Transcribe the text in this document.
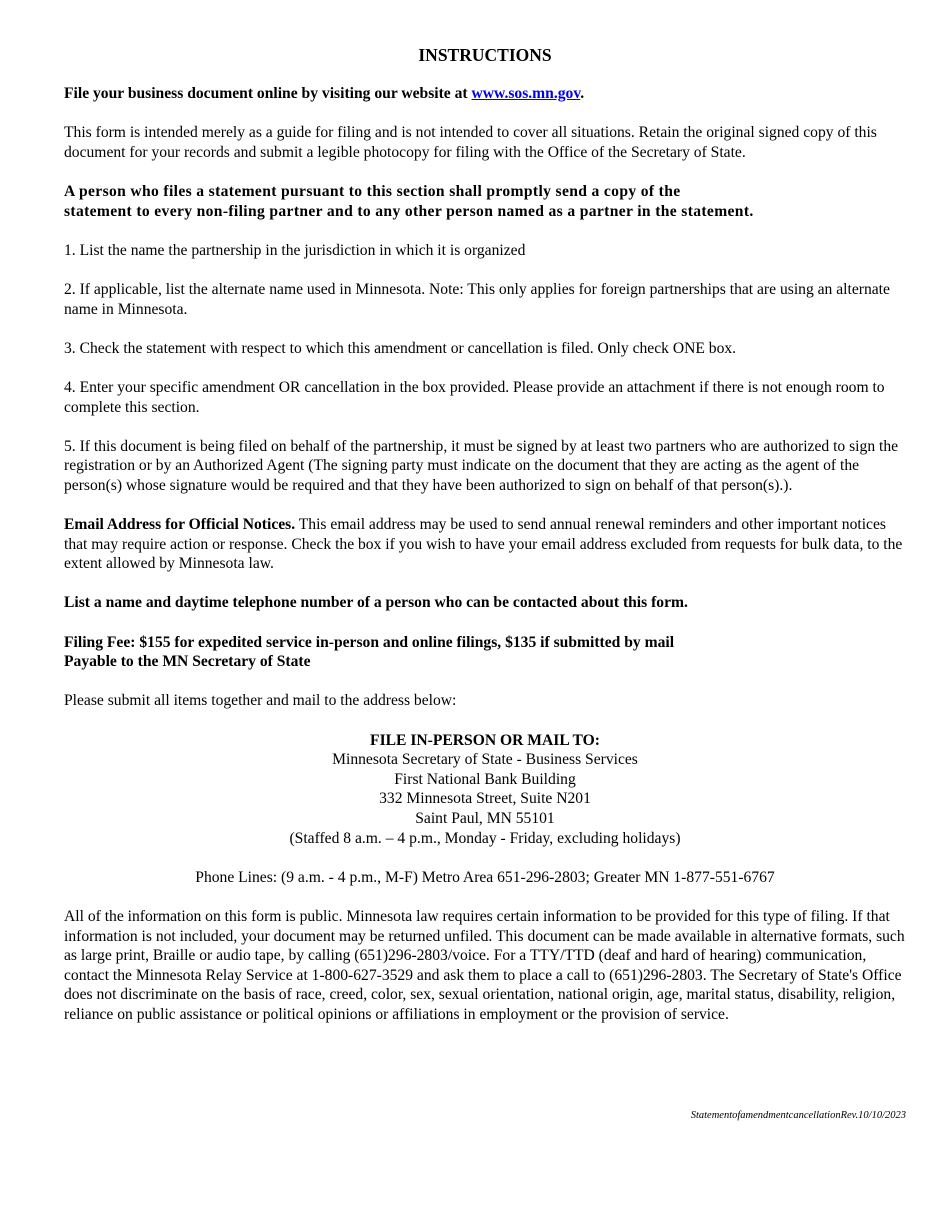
INSTRUCTIONS

File your business document online by visiting our website at www.sos.mn.gov.

This form is intended merely as a guide for filing and is not intended to cover all situations. Retain the original signed copy of this document for your records and submit a legible photocopy for filing with the Office of the Secretary of State.

A person who files a statement pursuant to this section shall promptly send a copy of the
statement to every non-filing partner and to any other person named as a partner in the statement.

1. List the name the partnership in the jurisdiction in which it is organized

2. If applicable, list the alternate name used in Minnesota. Note: This only applies for foreign partnerships that are using an alternate name in Minnesota.

3. Check the statement with respect to which this amendment or cancellation is filed. Only check ONE box.

4. Enter your specific amendment OR cancellation in the box provided. Please provide an attachment if there is not enough room to complete this section.

5. If this document is being filed on behalf of the partnership, it must be signed by at least two partners who are authorized to sign the registration or by an Authorized Agent (The signing party must indicate on the document that they are acting as the agent of the person(s) whose signature would be required and that they have been authorized to sign on behalf of that person(s).).

Email Address for Official Notices. This email address may be used to send annual renewal reminders and other important notices that may require action or response. Check the box if you wish to have your email address excluded from requests for bulk data, to the extent allowed by Minnesota law.

List a name and daytime telephone number of a person who can be contacted about this form.

Filing Fee: $155 for expedited service in-person and online filings, $135 if submitted by mail
Payable to the MN Secretary of State

Please submit all items together and mail to the address below:

FILE IN-PERSON OR MAIL TO:
Minnesota Secretary of State - Business Services
First National Bank Building
332 Minnesota Street, Suite N201
Saint Paul, MN 55101
(Staffed 8 a.m. – 4 p.m., Monday - Friday, excluding holidays)

Phone Lines: (9 a.m. - 4 p.m., M-F) Metro Area 651-296-2803; Greater MN 1-877-551-6767

All of the information on this form is public. Minnesota law requires certain information to be provided for this type of filing. If that information is not included, your document may be returned unfiled. This document can be made available in alternative formats, such as large print, Braille or audio tape, by calling (651)296-2803/voice. For a TTY/TTD (deaf and hard of hearing) communication, contact the Minnesota Relay Service at 1-800-627-3529 and ask them to place a call to (651)296-2803. The Secretary of State's Office does not discriminate on the basis of race, creed, color, sex, sexual orientation, national origin, age, marital status, disability, religion, reliance on public assistance or political opinions or affiliations in employment or the provision of service.

StatementofamendmentcancellationRev.10/10/2023
